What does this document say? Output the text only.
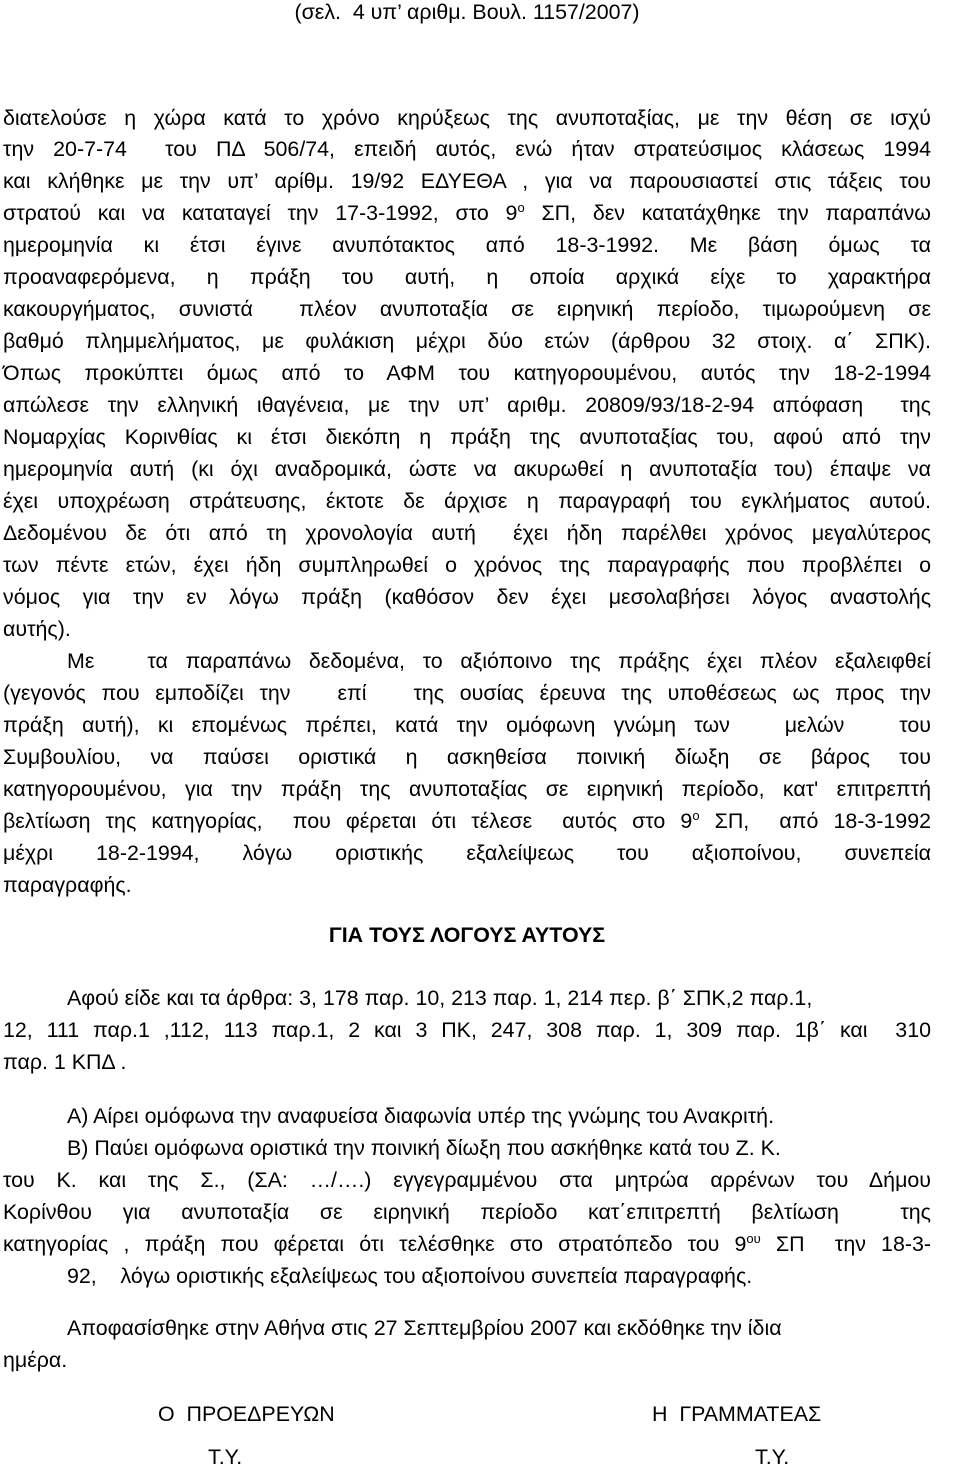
(σελ.  4 υπ’ αριθμ. Βουλ. 1157/2007)
διατελούσε η χώρα κατά το χρόνο κηρύξεως της ανυποταξίας, με την θέση σε ισχύ
την 20-7-74  του ΠΔ 506/74, επειδή αυτός, ενώ ήταν στρατεύσιμος κλάσεως 1994
και κλήθηκε με την υπ’ αρίθμ. 19/92 ΕΔΥΕΘΑ , για να παρουσιαστεί στις τάξεις του
στρατού και να καταταγεί την 17-3-1992, στο $9^o$ ΣΠ, δεν κατατάχθηκε την παραπάνω
ημερομηνία  κι  έτσι  έγινε  ανυπότακτος  από  18-3-1992.  Με  βάση  όμως  τα
προαναφερόμενα,  η  πράξη  του  αυτή,  η  οποία  αρχικά  είχε  το  χαρακτήρα
κακουργήματος, συνιστά  πλέον ανυποταξία σε ειρηνική περίοδο, τιμωρούμενη σε
βαθμό πλημμελήματος, με φυλάκιση μέχρι δύο ετών (άρθρου 32 στοιχ. α΄ ΣΠΚ).
Όπως προκύπτει όμως από το ΑΦΜ του κατηγορουμένου, αυτός την 18-2-1994
απώλεσε την ελληνική ιθαγένεια, με την υπ’ αριθμ. 20809/93/18-2-94 απόφαση  της
Νομαρχίας Κορινθίας κι έτσι διεκόπη η πράξη της ανυποταξίας του, αφού από την
ημερομηνία αυτή (κι όχι αναδρομικά, ώστε να ακυρωθεί η ανυποταξία του) έπαψε να
έχει υποχρέωση στράτευσης, έκτοτε δε άρχισε η παραγραφή του εγκλήματος αυτού.
Δεδομένου δε ότι από τη χρονολογία αυτή  έχει ήδη παρέλθει χρόνος μεγαλύτερος
των πέντε ετών, έχει ήδη συμπληρωθεί ο χρόνος της παραγραφής που προβλέπει ο
νόμος για την εν λόγω πράξη (καθόσον δεν έχει μεσολαβήσει λόγος αναστολής
αυτής).
Με   τα παραπάνω δεδομένα, το αξιόποινο της πράξης έχει πλέον εξαλειφθεί
(γεγονός που εμποδίζει την   επί   της ουσίας έρευνα της υποθέσεως ως προς την
πράξη αυτή), κι επομένως πρέπει, κατά την ομόφωνη γνώμη των   μελών   του
Συμβουλίου,  να  παύσει  οριστικά  η  ασκηθείσα  ποινική  δίωξη  σε  βάρος  του
κατηγορουμένου, για την πράξη της ανυποταξίας σε ειρηνική περίοδο, κατ' επιτρεπτή
βελτίωση της κατηγορίας,  που φέρεται ότι τέλεσε  αυτός στο $9^o$ ΣΠ,  από 18-3-1992
μέχρι   18-2-1994,   λόγω   οριστικής   εξαλείψεως   του   αξιοποίνου,   συνεπεία
παραγραφής.
ΓΙΑ ΤΟΥΣ ΛΟΓΟΥΣ ΑΥΤΟΥΣ
Αφού είδε και τα άρθρα: 3, 178 παρ. 10, 213 παρ. 1, 214 περ. β΄ ΣΠΚ,2 παρ.1,
12, 111 παρ.1 ,112, 113 παρ.1, 2 και 3 ΠΚ, 247, 308 παρ. 1, 309 παρ. 1β΄ και  310
παρ. 1 ΚΠΔ .
Α) Αίρει ομόφωνα την αναφυείσα διαφωνία υπέρ της γνώμης του Ανακριτή.
Β) Παύει ομόφωνα οριστικά την ποινική δίωξη που ασκήθηκε κατά του Ζ. Κ.
του  Κ.  και  της  Σ.,  (ΣΑ:  …/….)  εγγεγραμμένου  στα  μητρώα  αρρένων  του  Δήμου
Κορίνθου  για  ανυποταξία  σε  ειρηνική  περίοδο  κατ΄επιτρεπτή  βελτίωση    της
κατηγορίας , πράξη που φέρεται ότι τελέσθηκε στο στρατόπεδο του $9^{o\upsilon}$ ΣΠ  την 18-3-
92,    λόγω οριστικής εξαλείψεως του αξιοποίνου συνεπεία παραγραφής.
Αποφασίσθηκε στην Αθήνα στις 27 Σεπτεμβρίου 2007 και εκδόθηκε την ίδια
ημέρα.
Ο  ΠΡΟΕΔΡΕΥΩΝ
Τ.Υ.
Η  ΓΡΑΜΜΑΤΕΑΣ
Τ.Υ.
